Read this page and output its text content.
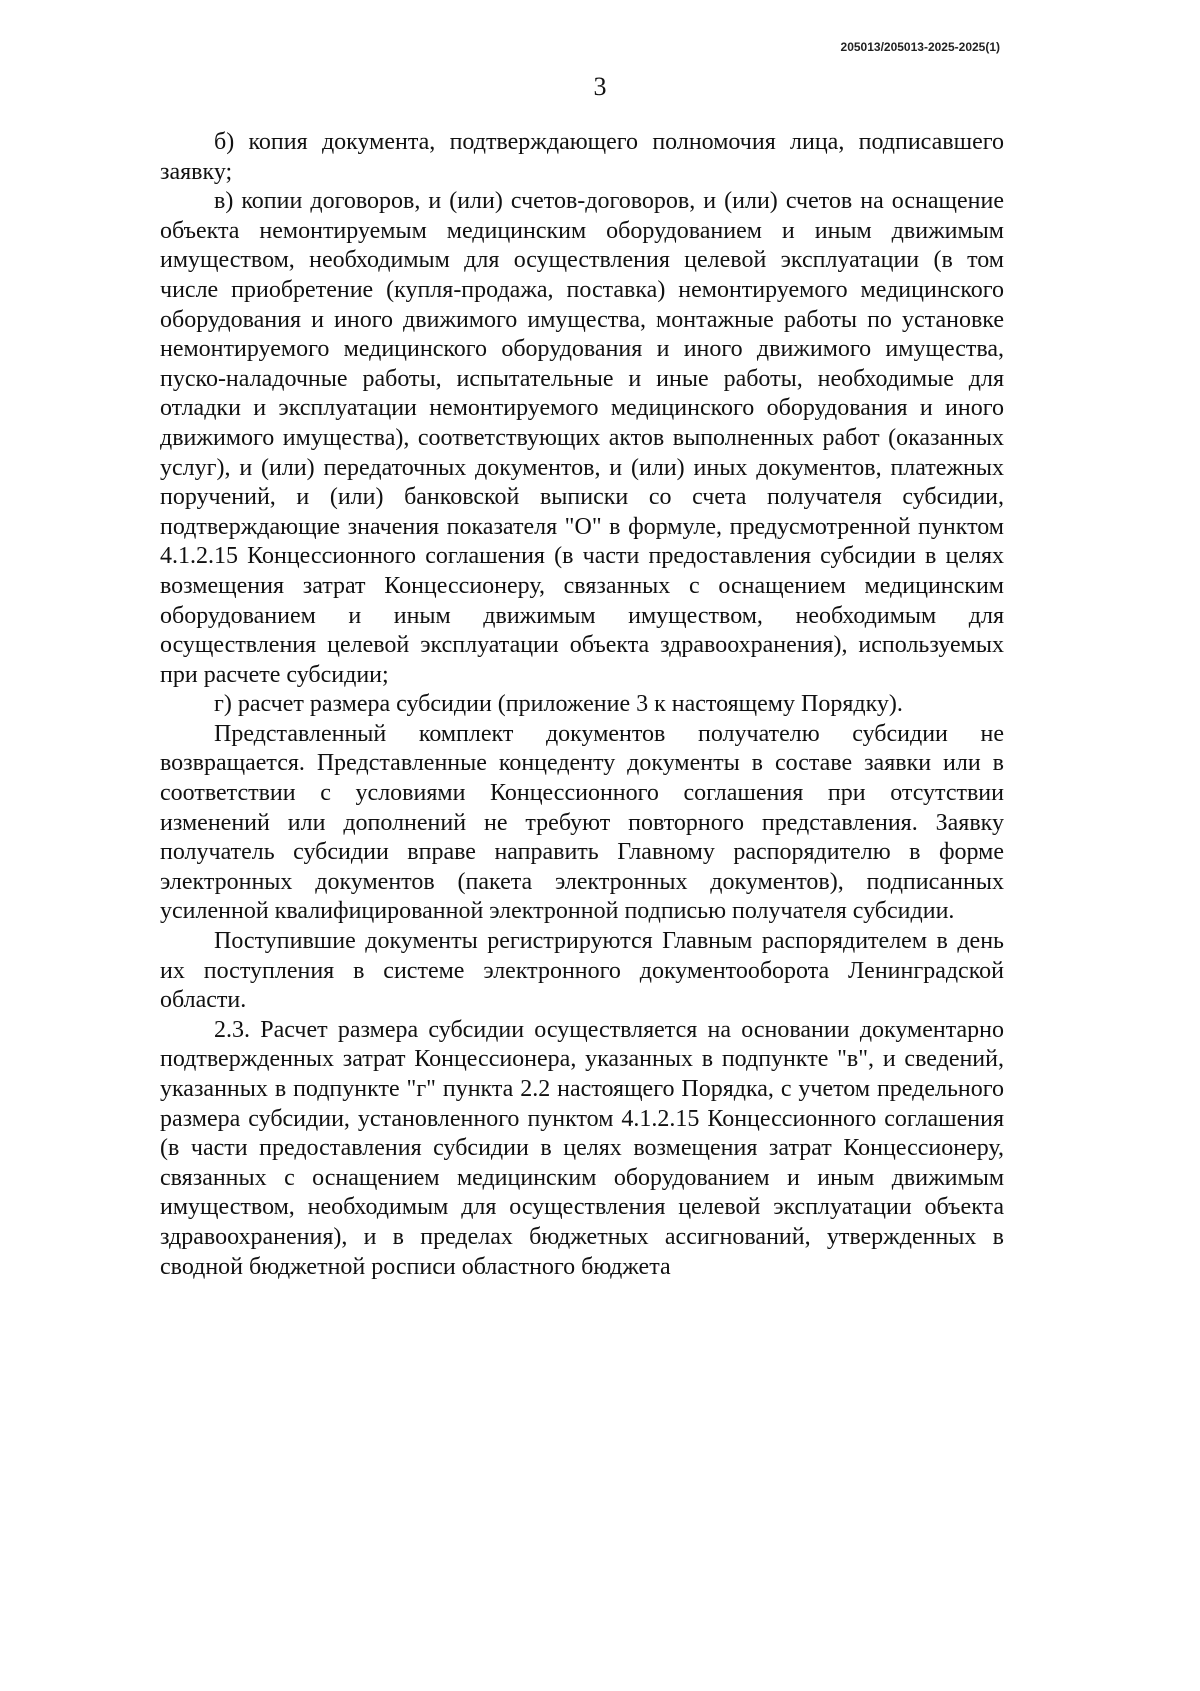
205013/205013-2025-2025(1)
3

б) копия документа, подтверждающего полномочия лица, подписавшего заявку;

в) копии договоров, и (или) счетов-договоров, и (или) счетов на оснащение объекта немонтируемым медицинским оборудованием и иным движимым имуществом, необходимым для осуществления целевой эксплуатации (в том числе приобретение (купля-продажа, поставка) немонтируемого медицинского оборудования и иного движимого имущества, монтажные работы по установке немонтируемого медицинского оборудования и иного движимого имущества, пуско-наладочные работы, испытательные и иные работы, необходимые для отладки и эксплуатации немонтируемого медицинского оборудования и иного движимого имущества), соответствующих актов выполненных работ (оказанных услуг), и (или) передаточных документов, и (или) иных документов, платежных поручений, и (или) банковской выписки со счета получателя субсидии, подтверждающие значения показателя "О" в формуле, предусмотренной пунктом 4.1.2.15 Концессионного соглашения (в части предоставления субсидии в целях возмещения затрат Концессионеру, связанных с оснащением медицинским оборудованием и иным движимым имуществом, необходимым для осуществления целевой эксплуатации объекта здравоохранения), используемых при расчете субсидии;

г) расчет размера субсидии (приложение 3 к настоящему Порядку).

Представленный комплект документов получателю субсидии не возвращается. Представленные концеденту документы в составе заявки или в соответствии с условиями Концессионного соглашения при отсутствии изменений или дополнений не требуют повторного представления. Заявку получатель субсидии вправе направить Главному распорядителю в форме электронных документов (пакета электронных документов), подписанных усиленной квалифицированной электронной подписью получателя субсидии.

Поступившие документы регистрируются Главным распорядителем в день их поступления в системе электронного документооборота Ленинградской области.

2.3. Расчет размера субсидии осуществляется на основании документарно подтвержденных затрат Концессионера, указанных в подпункте "в", и сведений, указанных в подпункте "г" пункта 2.2 настоящего Порядка, с учетом предельного размера субсидии, установленного пунктом 4.1.2.15 Концессионного соглашения (в части предоставления субсидии в целях возмещения затрат Концессионеру, связанных с оснащением медицинским оборудованием и иным движимым имуществом, необходимым для осуществления целевой эксплуатации объекта здравоохранения), и в пределах бюджетных ассигнований, утвержденных в сводной бюджетной росписи областного бюджета
